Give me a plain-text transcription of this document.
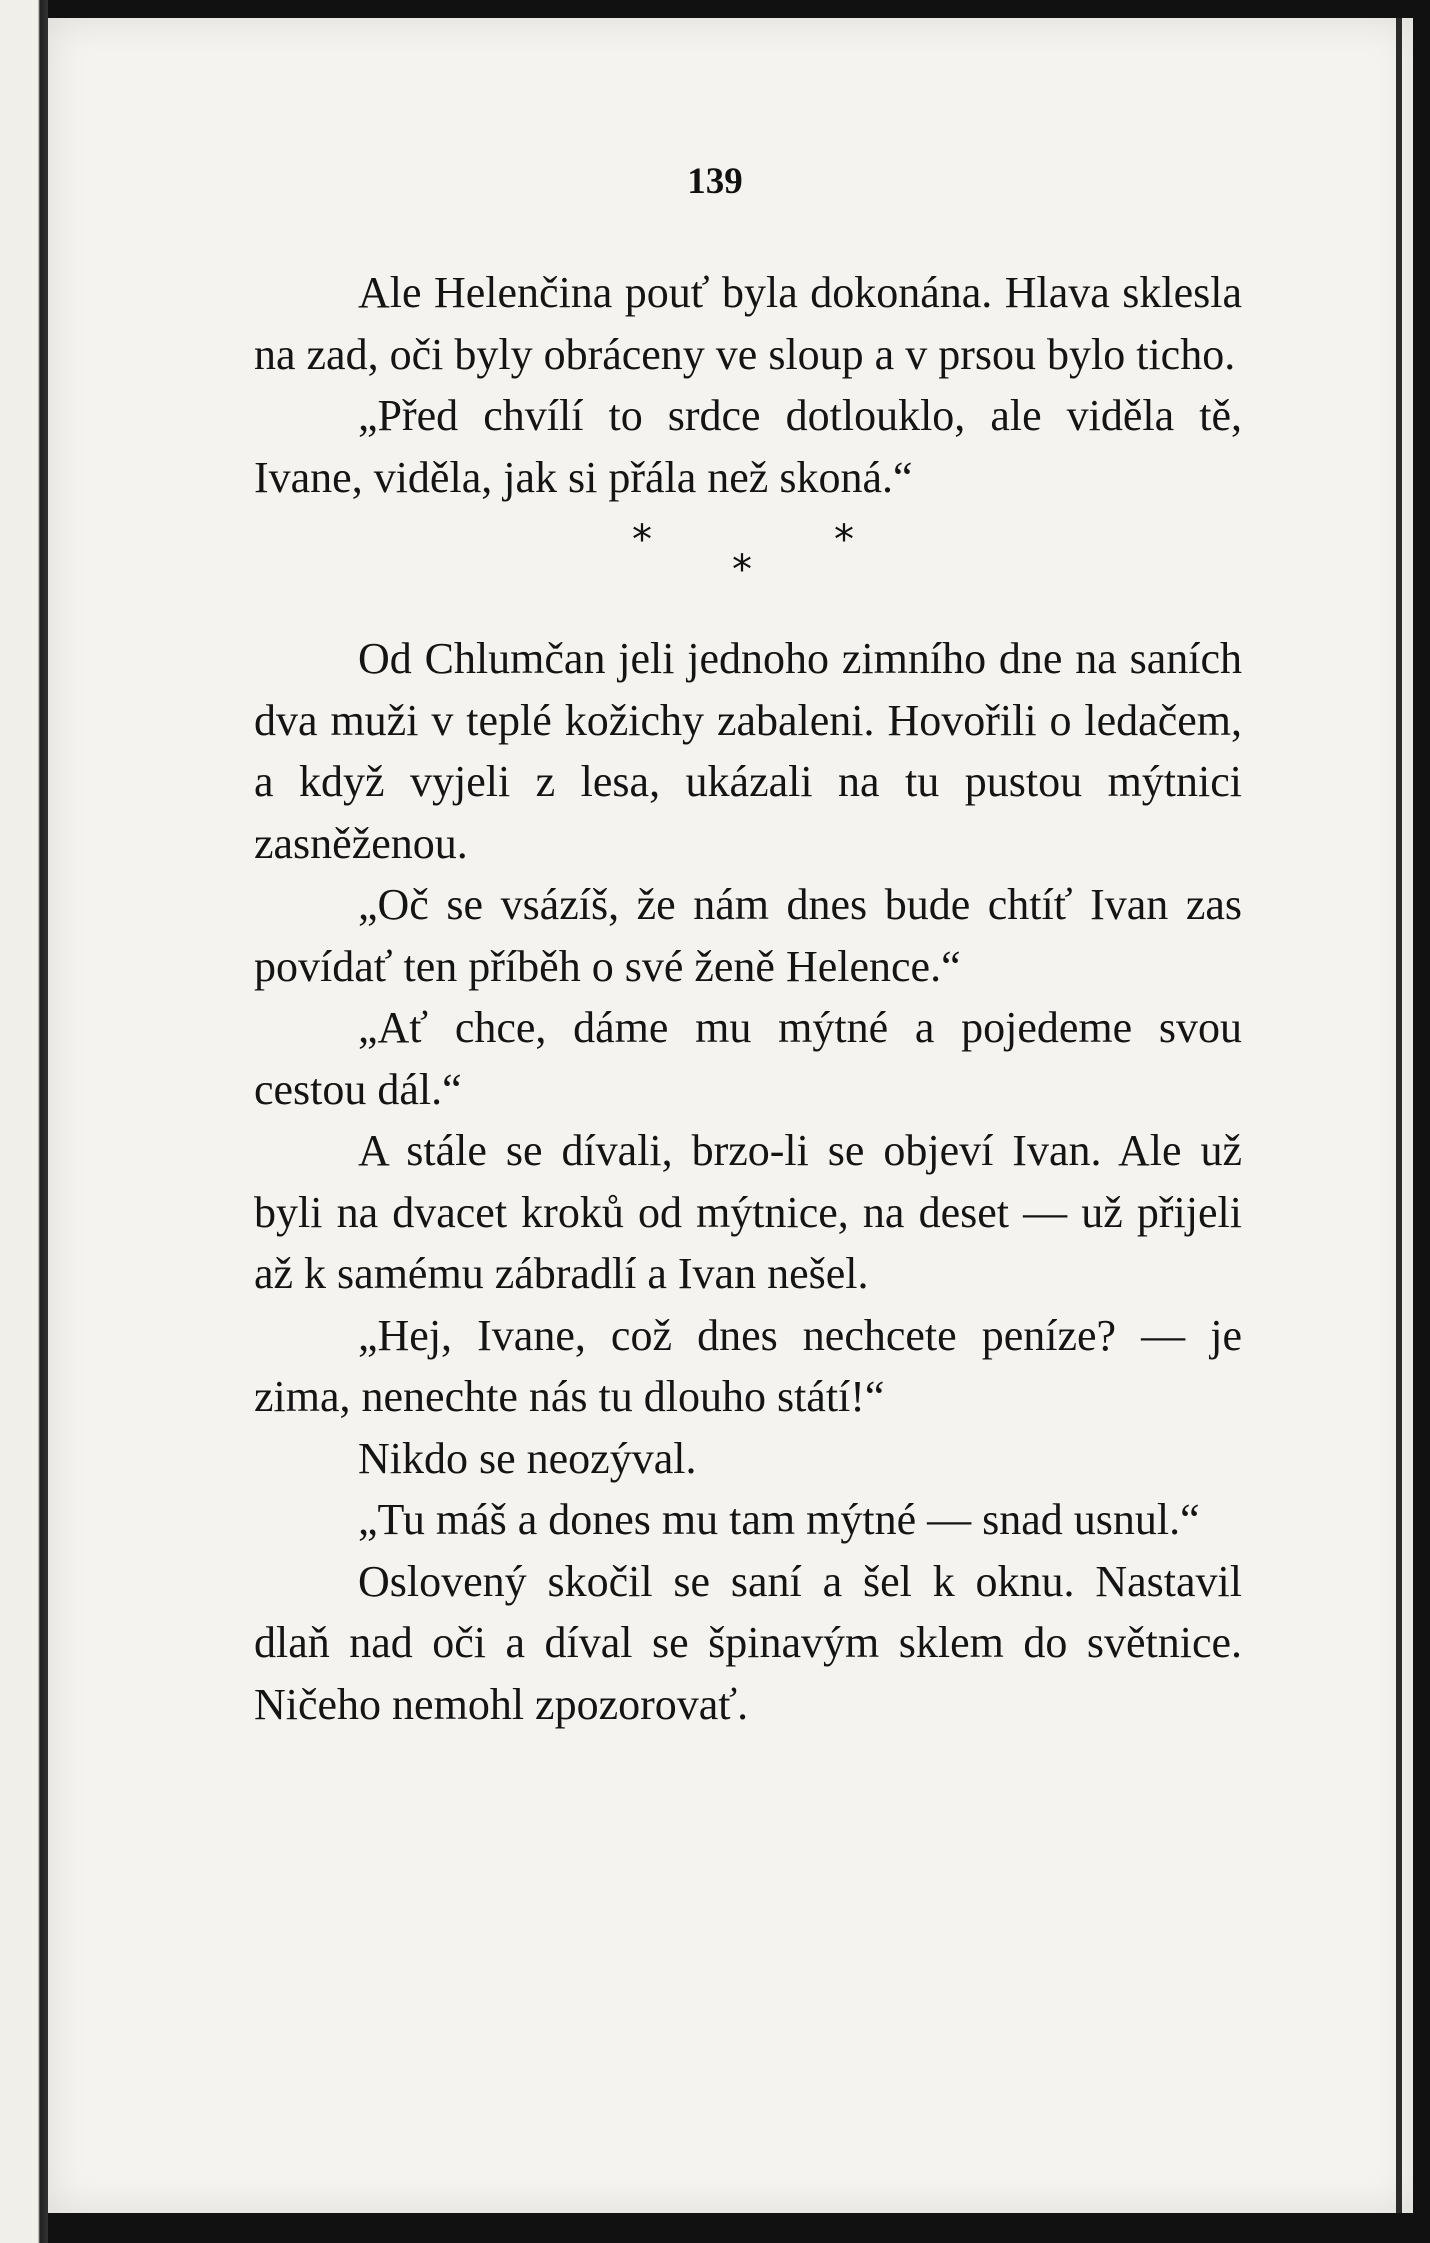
139

Ale Helenčina pouť byla dokonána. Hlava sklesla na zad, oči byly obráceny ve sloup a v prsou bylo ticho.

„Před chvílí to srdce dotlouklo, ale viděla tě, Ivane, viděla, jak si přála než skoná.“

*
*
*

Od Chlumčan jeli jednoho zimního dne na saních dva muži v teplé kožichy zabaleni. Hovořili o ledačem, a když vyjeli z lesa, ukázali na tu pustou mýtnici zasněženou.

„Oč se vsázíš, že nám dnes bude chtíť Ivan zas povídať ten příběh o své ženě Helence.“

„Ať chce, dáme mu mýtné a pojedeme svou cestou dál.“

A stále se dívali, brzo-li se objeví Ivan. Ale už byli na dvacet kroků od mýtnice, na deset — už přijeli až k samému zábradlí a Ivan nešel.

„Hej, Ivane, což dnes nechcete peníze? — je zima, nenechte nás tu dlouho státí!“

Nikdo se neozýval.

„Tu máš a dones mu tam mýtné — snad usnul.“

Oslovený skočil se saní a šel k oknu. Nastavil dlaň nad oči a díval se špinavým sklem do světnice. Ničeho nemohl zpozorovať.
